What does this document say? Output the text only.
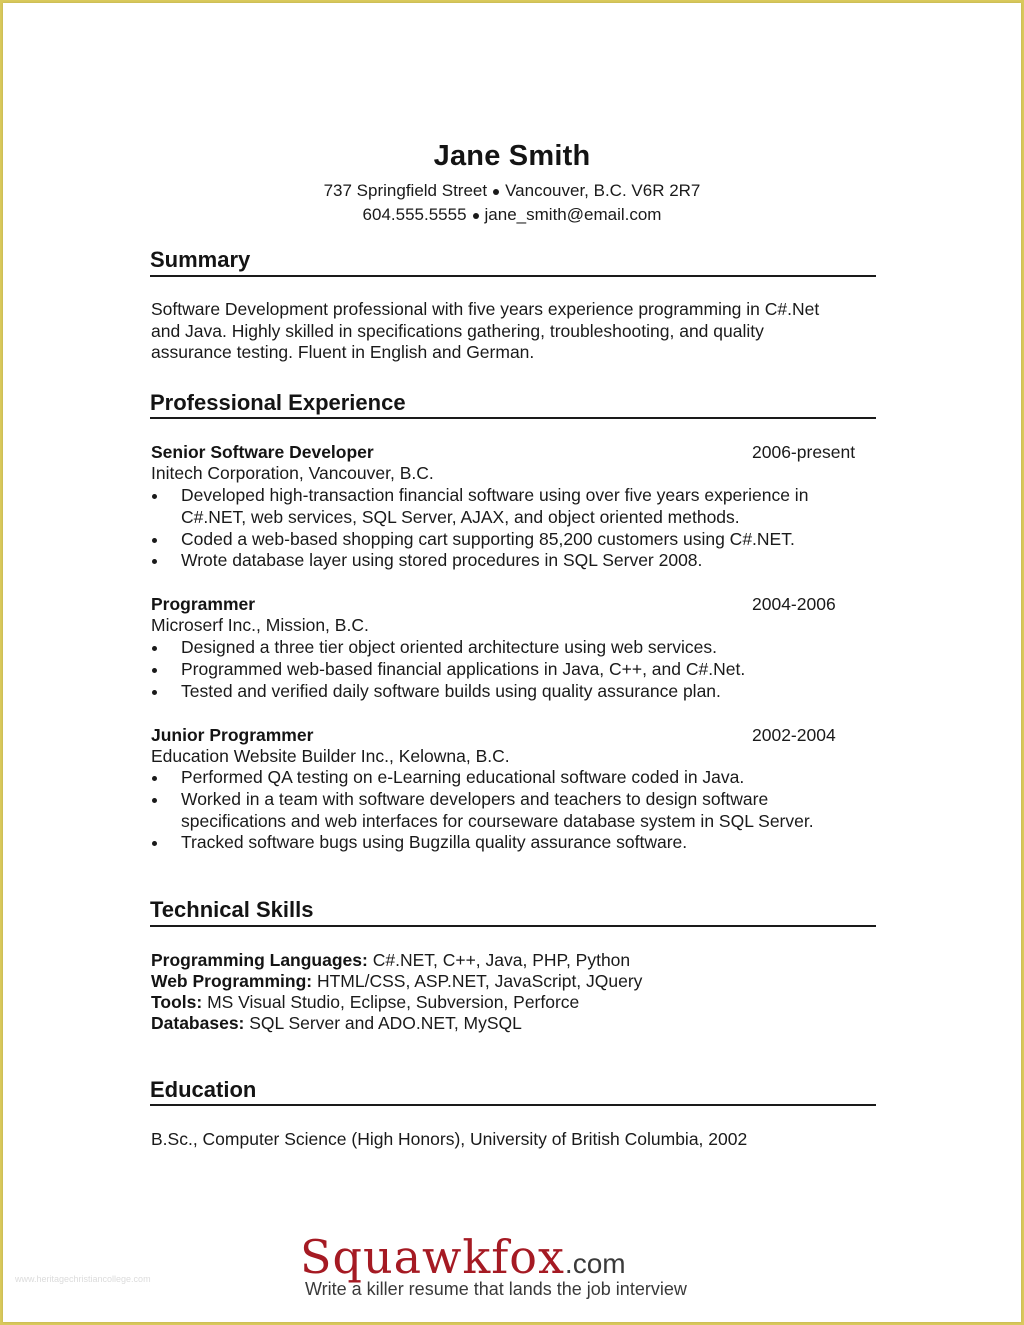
Jane Smith
737 Springfield Street Vancouver, B.C. V6R 2R7
604.555.5555 jane_smith@email.com
Summary
Software Development professional with five years experience programming in C#.Net
and Java. Highly skilled in specifications gathering, troubleshooting, and quality
assurance testing. Fluent in English and German.
Professional Experience
Senior Software Developer	2006-present
Initech Corporation, Vancouver, B.C.
Developed high-transaction financial software using over five years experience in
C#.NET, web services, SQL Server, AJAX, and object oriented methods.
Coded a web-based shopping cart supporting 85,200 customers using C#.NET.
Wrote database layer using stored procedures in SQL Server 2008.
Programmer	2004-2006
Microserf Inc., Mission, B.C.
Designed a three tier object oriented architecture using web services.
Programmed web-based financial applications in Java, C++, and C#.Net.
Tested and verified daily software builds using quality assurance plan.
Junior Programmer	2002-2004
Education Website Builder Inc., Kelowna, B.C.
Performed QA testing on e-Learning educational software coded in Java.
Worked in a team with software developers and teachers to design software
specifications and web interfaces for courseware database system in SQL Server.
Tracked software bugs using Bugzilla quality assurance software.
Technical Skills
Programming Languages: C#.NET, C++, Java, PHP, Python
Web Programming: HTML/CSS, ASP.NET, JavaScript, JQuery
Tools: MS Visual Studio, Eclipse, Subversion, Perforce
Databases: SQL Server and ADO.NET, MySQL
Education
B.Sc., Computer Science (High Honors), University of British Columbia, 2002
www.heritagechristiancollege.com	Squawkfox.com
Write a killer resume that lands the job interview
